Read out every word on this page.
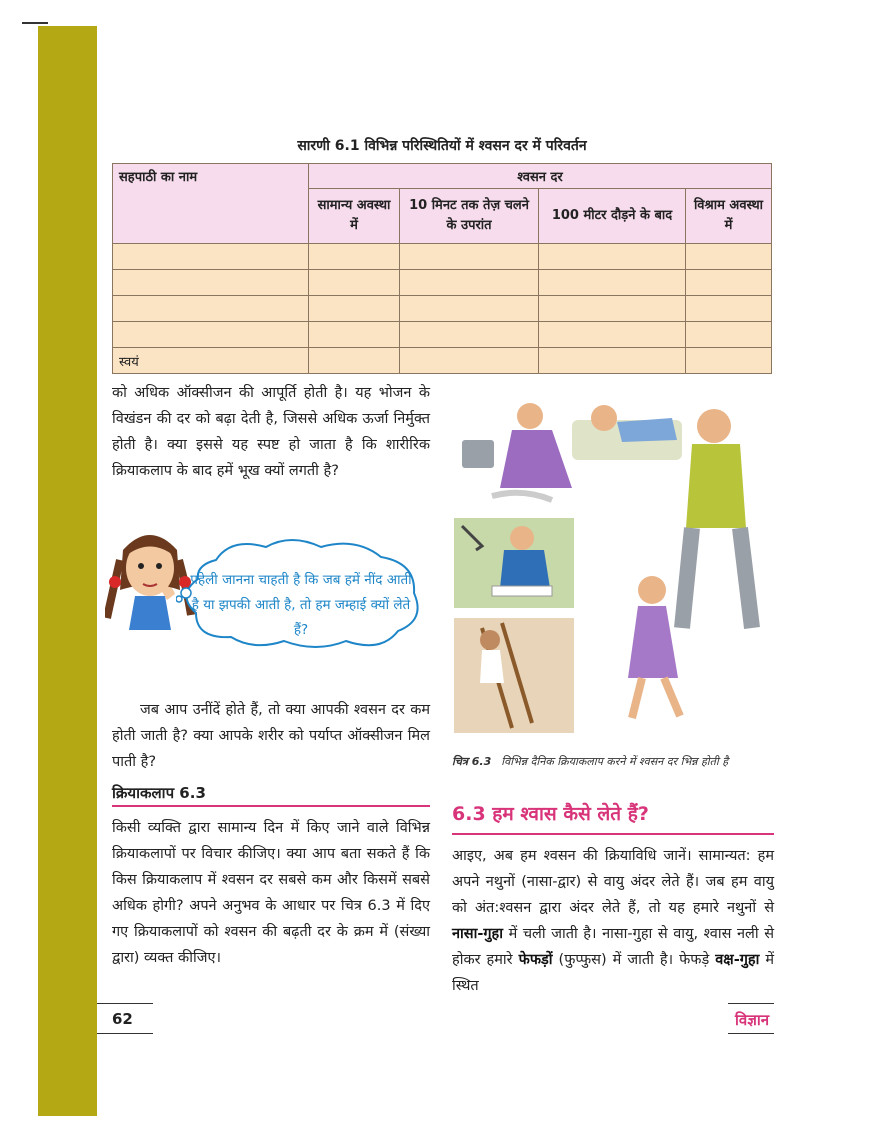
सारणी 6.1 विभिन्न परिस्थितियों में श्वसन दर में परिवर्तन
सहपाठी का नाम	श्वसन दर			
	सामान्य अवस्था में	10 मिनट तक तेज़ चलने के उपरांत	100 मीटर दौड़ने के बाद	विश्राम अवस्था में

स्वयं				
को अधिक ऑक्सीजन की आपूर्ति होती है। यह भोजन के विखंडन की दर को बढ़ा देती है, जिससे अधिक ऊर्जा निर्मुक्त होती है। क्या इससे यह स्पष्ट हो जाता है कि शारीरिक क्रियाकलाप के बाद हमें भूख क्यों लगती है?
पहेली जानना चाहती है कि जब हमें नींद आती है या झपकी आती है, तो हम जम्हाई क्यों लेते हैं?
जब आप उनींदें होते हैं, तो क्या आपकी श्वसन दर कम होती जाती है? क्या आपके शरीर को पर्याप्त ऑक्सीजन मिल पाती है?
क्रियाकलाप 6.3
किसी व्यक्ति द्वारा सामान्य दिन में किए जाने वाले विभिन्न क्रियाकलापों पर विचार कीजिए। क्या आप बता सकते हैं कि किस क्रियाकलाप में श्वसन दर सबसे कम और किसमें सबसे अधिक होगी? अपने अनुभव के आधार पर चित्र 6.3 में दिए गए क्रियाकलापों को श्वसन की बढ़ती दर के क्रम में (संख्या द्वारा) व्यक्त कीजिए।
चित्र 6.3 विभिन्न दैनिक क्रियाकलाप करने में श्वसन दर भिन्न होती है
6.3 हम श्वास कैसे लेते हैं?
आइए, अब हम श्वसन की क्रियाविधि जानें। सामान्यत: हम अपने नथुनों (नासा-द्वार) से वायु अंदर लेते हैं। जब हम वायु को अंत:श्वसन द्वारा अंदर लेते हैं, तो यह हमारे नथुनों से नासा-गुहा में चली जाती है। नासा-गुहा से वायु, श्वास नली से होकर हमारे फेफड़ों (फुप्फुस) में जाती है। फेफड़े वक्ष-गुहा में स्थित
62	विज्ञान
